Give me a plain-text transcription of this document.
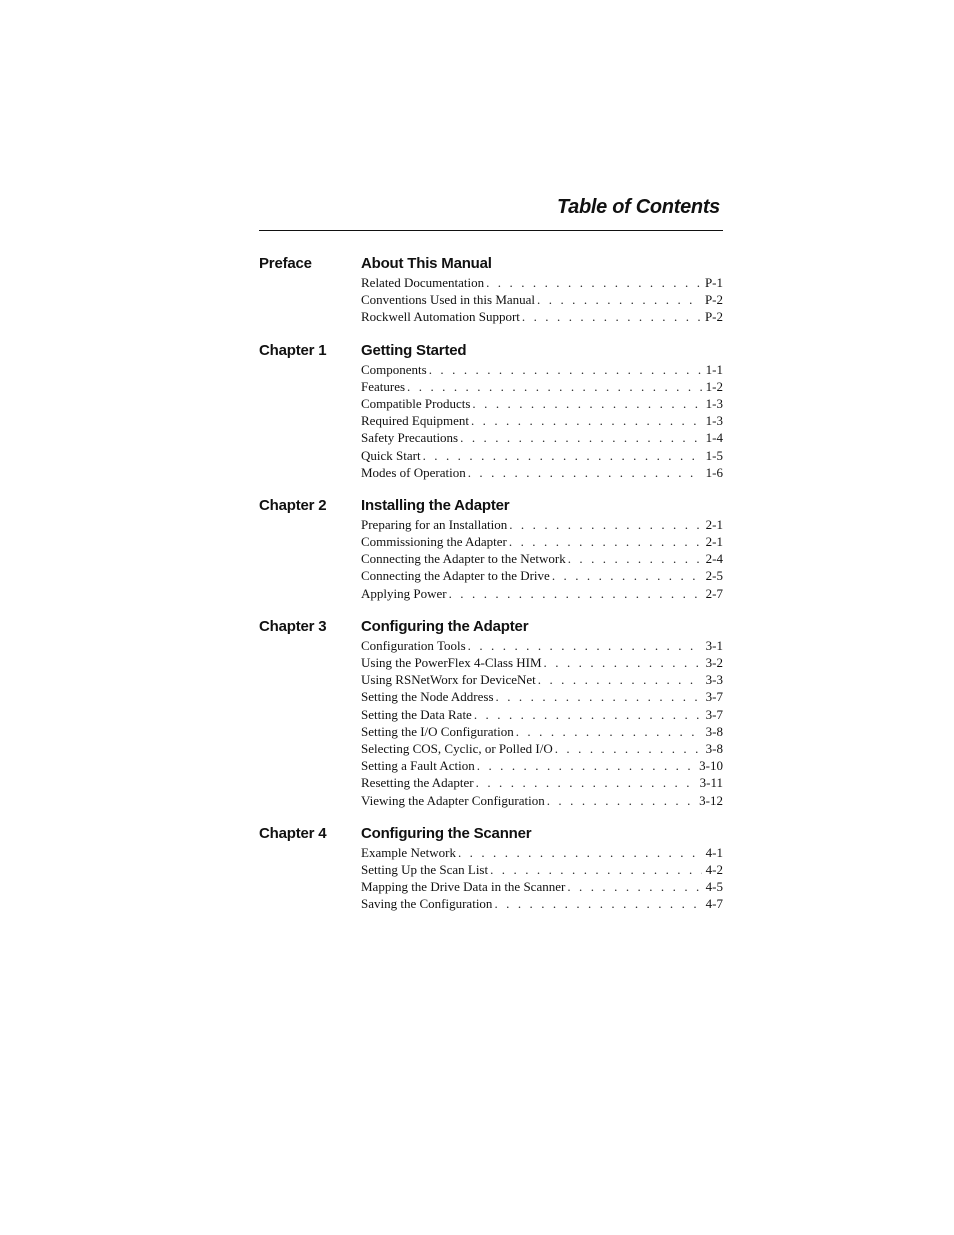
Table of Contents
Preface	About This Manual
Related Documentation . . .	P-1
Conventions Used in this Manual . . .	P-2
Rockwell Automation Support . . .	P-2
Chapter 1 Getting Started
Components . . .	1-1
Features . . .	1-2
Compatible Products . . .	1-3
Required Equipment . . .	1-3
Safety Precautions . . .	1-4
Quick Start . . .	1-5
Modes of Operation . . .	1-6
Chapter 2 Installing the Adapter
Preparing for an Installation . . .	2-1
Commissioning the Adapter . . .	2-1
Connecting the Adapter to the Network . . .	2-4
Connecting the Adapter to the Drive . . .	2-5
Applying Power . . .	2-7
Chapter 3 Configuring the Adapter
Configuration Tools . . .	3-1
Using the PowerFlex 4-Class HIM . . .	3-2
Using RSNetWorx for DeviceNet . . .	3-3
Setting the Node Address . . .	3-7
Setting the Data Rate . . .	3-7
Setting the I/O Configuration . . .	3-8
Selecting COS, Cyclic, or Polled I/O . . .	3-8
Setting a Fault Action . . .	3-10
Resetting the Adapter . . .	3-11
Viewing the Adapter Configuration . . .	3-12
Chapter 4 Configuring the Scanner
Example Network . . .	4-1
Setting Up the Scan List . . .	4-2
Mapping the Drive Data in the Scanner . . .	4-5
Saving the Configuration . . .	4-7
